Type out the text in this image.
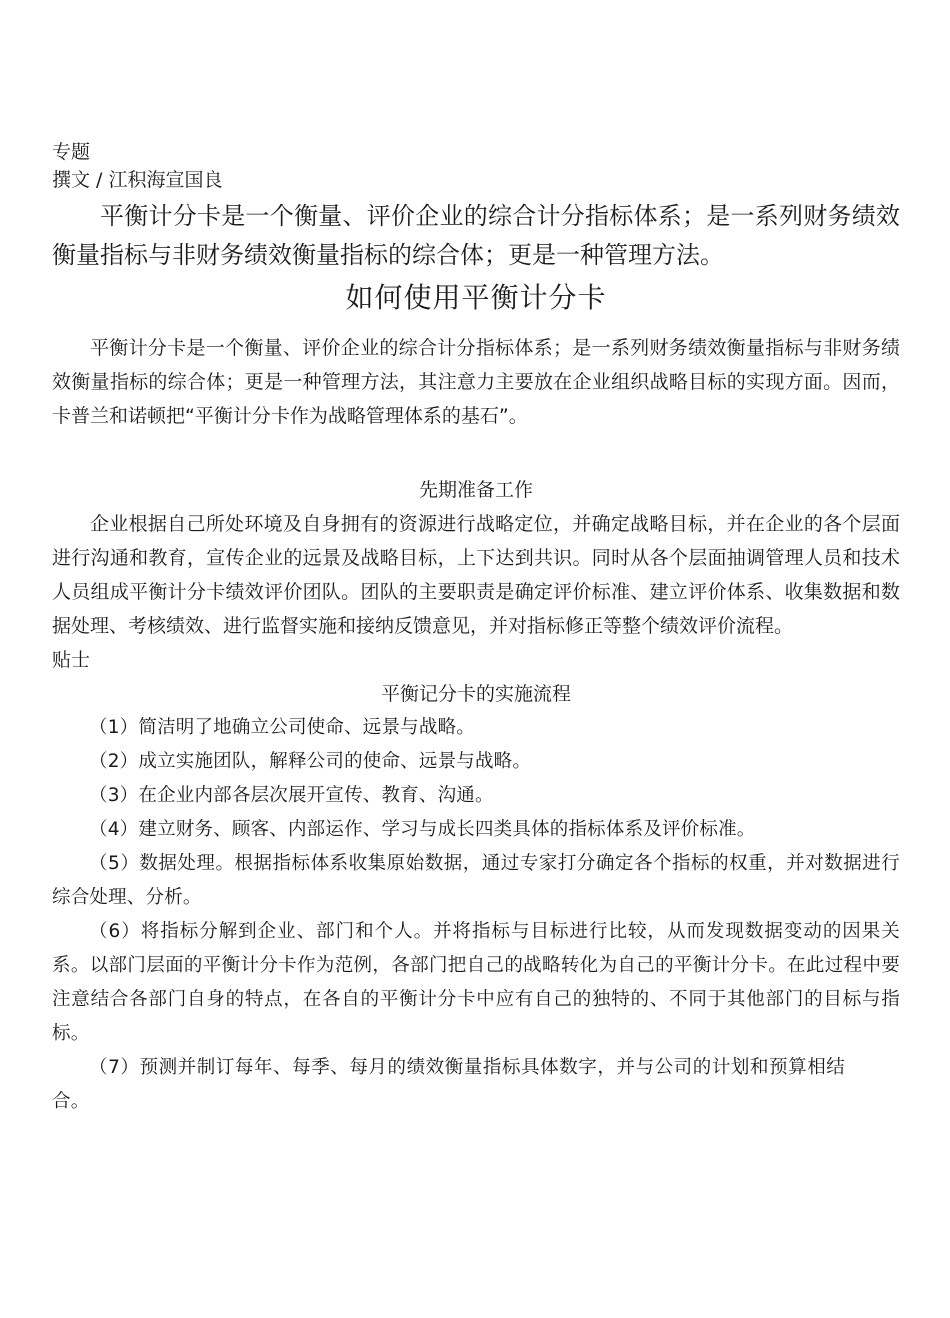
专题
撰文 / 江积海宣国良
平衡计分卡是一个衡量、评价企业的综合计分指标体系；是一系列财务绩效衡量指标与非财务绩效衡量指标的综合体；更是一种管理方法。
如何使用平衡计分卡
平衡计分卡是一个衡量、评价企业的综合计分指标体系；是一系列财务绩效衡量指标与非财务绩效衡量指标的综合体；更是一种管理方法，其注意力主要放在企业组织战略目标的实现方面。因而，卡普兰和诺顿把“平衡计分卡作为战略管理体系的基石”。
先期准备工作
企业根据自己所处环境及自身拥有的资源进行战略定位，并确定战略目标，并在企业的各个层面进行沟通和教育，宣传企业的远景及战略目标，上下达到共识。同时从各个层面抽调管理人员和技术人员组成平衡计分卡绩效评价团队。团队的主要职责是确定评价标准、建立评价体系、收集数据和数据处理、考核绩效、进行监督实施和接纳反馈意见，并对指标修正等整个绩效评价流程。
贴士
平衡记分卡的实施流程
（1）简洁明了地确立公司使命、远景与战略。
（2）成立实施团队，解释公司的使命、远景与战略。
（3）在企业内部各层次展开宣传、教育、沟通。
（4）建立财务、顾客、内部运作、学习与成长四类具体的指标体系及评价标准。
（5）数据处理。根据指标体系收集原始数据，通过专家打分确定各个指标的权重，并对数据进行综合处理、分析。
（6）将指标分解到企业、部门和个人。并将指标与目标进行比较，从而发现数据变动的因果关系。以部门层面的平衡计分卡作为范例，各部门把自己的战略转化为自己的平衡计分卡。在此过程中要注意结合各部门自身的特点，在各自的平衡计分卡中应有自己的独特的、不同于其他部门的目标与指标。
（7）预测并制订每年、每季、每月的绩效衡量指标具体数字，并与公司的计划和预算相结合。
